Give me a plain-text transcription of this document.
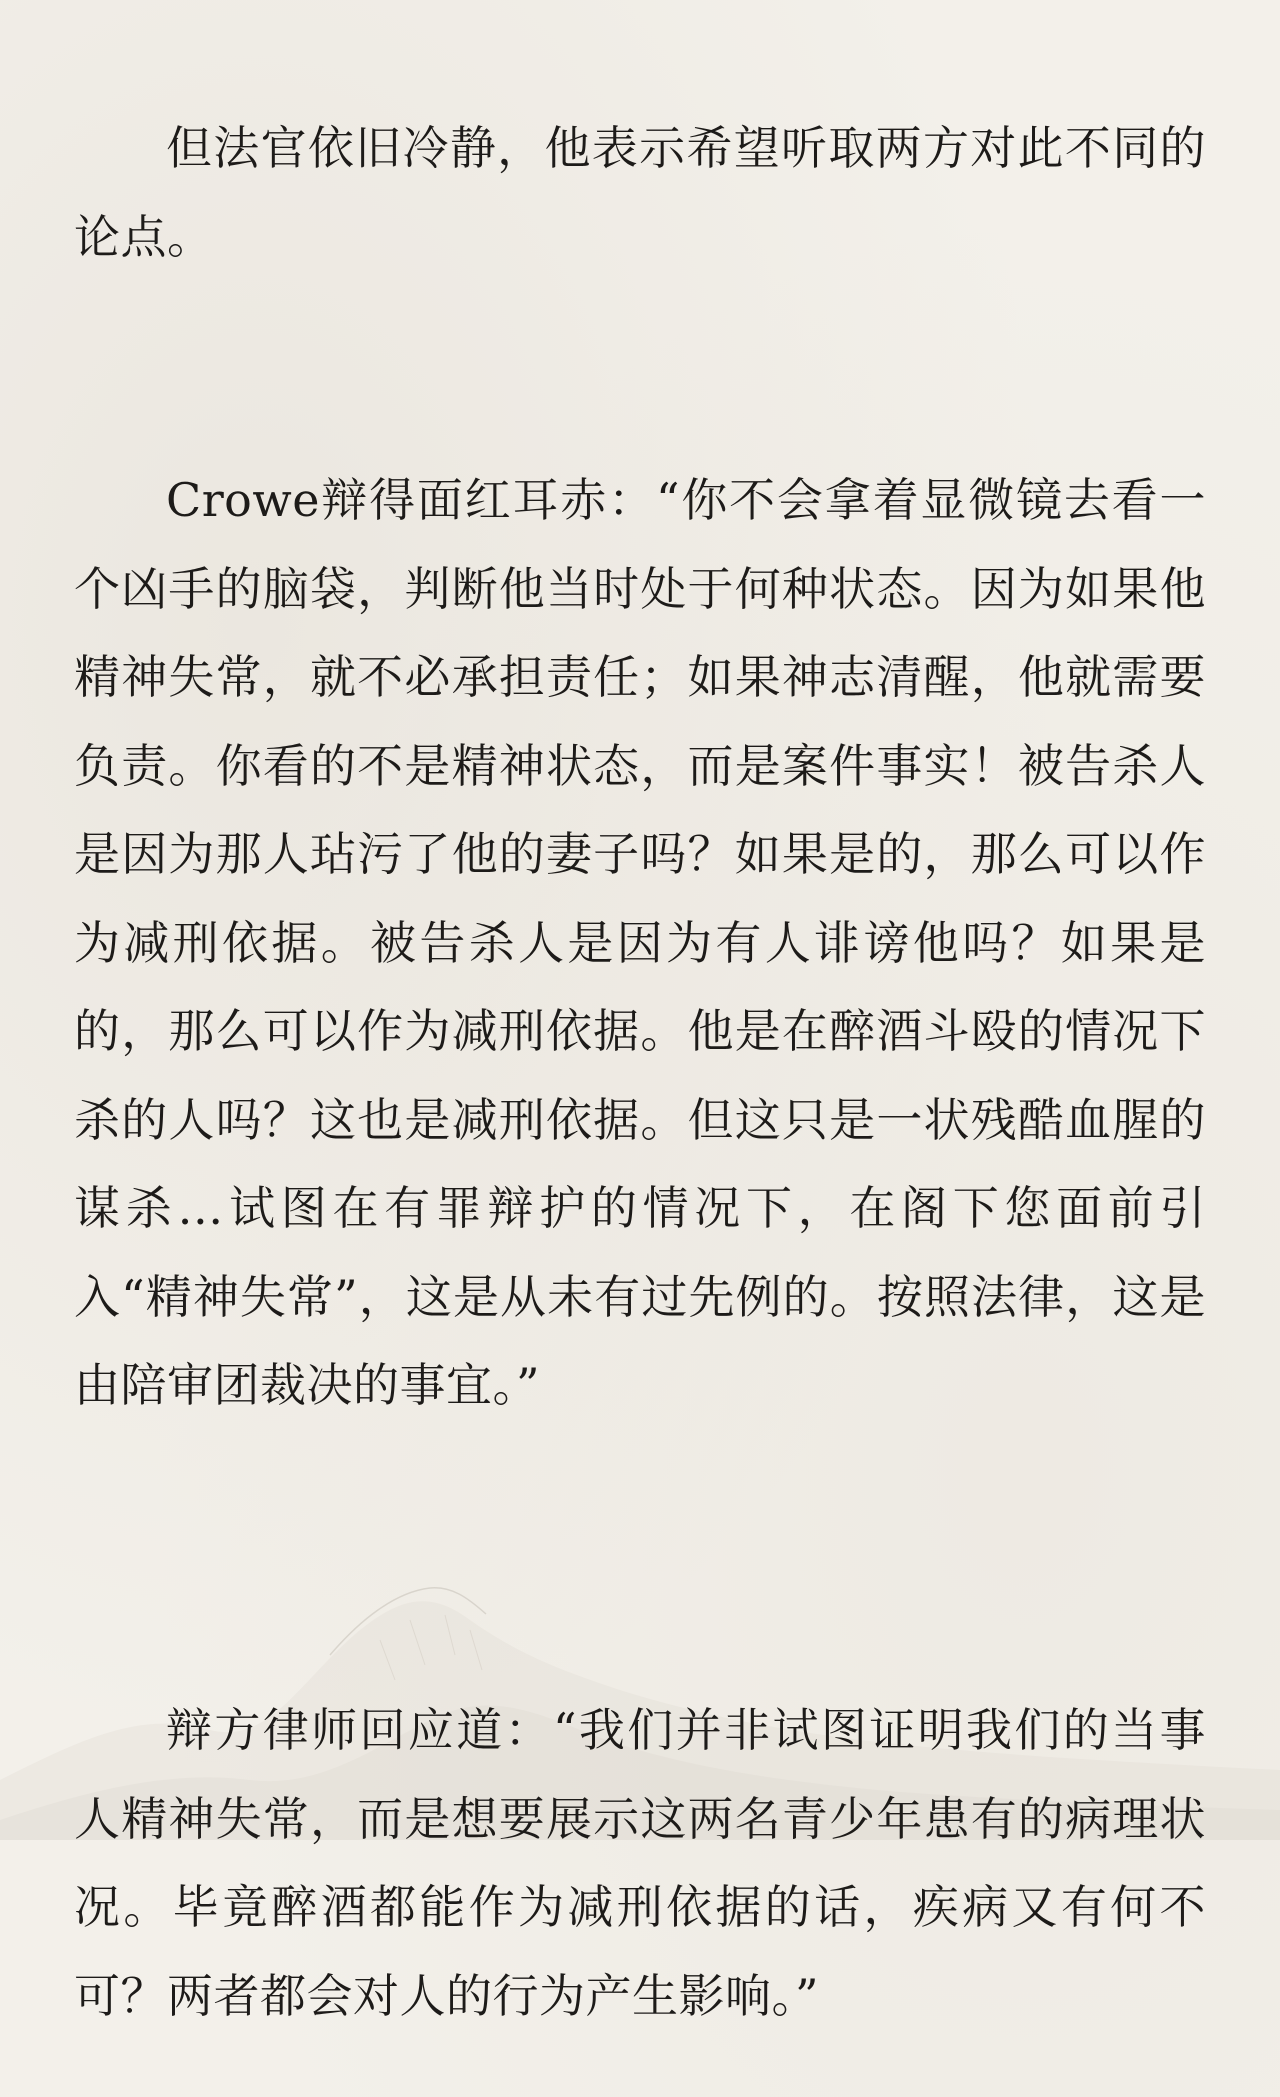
但法官依旧冷静，他表示希望听取两方对此不同的论点。

Crowe辩得面红耳赤：“你不会拿着显微镜去看一个凶手的脑袋，判断他当时处于何种状态。因为如果他精神失常，就不必承担责任；如果神志清醒，他就需要负责。你看的不是精神状态，而是案件事实！被告杀人是因为那人玷污了他的妻子吗？如果是的，那么可以作为减刑依据。被告杀人是因为有人诽谤他吗？如果是的，那么可以作为减刑依据。他是在醉酒斗殴的情况下杀的人吗？这也是减刑依据。但这只是一状残酷血腥的谋杀…试图在有罪辩护的情况下，在阁下您面前引入“精神失常”，这是从未有过先例的。按照法律，这是由陪审团裁决的事宜。”

辩方律师回应道：“我们并非试图证明我们的当事人精神失常，而是想要展示这两名青少年患有的病理状况。毕竟醉酒都能作为减刑依据的话，疾病又有何不可？两者都会对人的行为产生影响。”
